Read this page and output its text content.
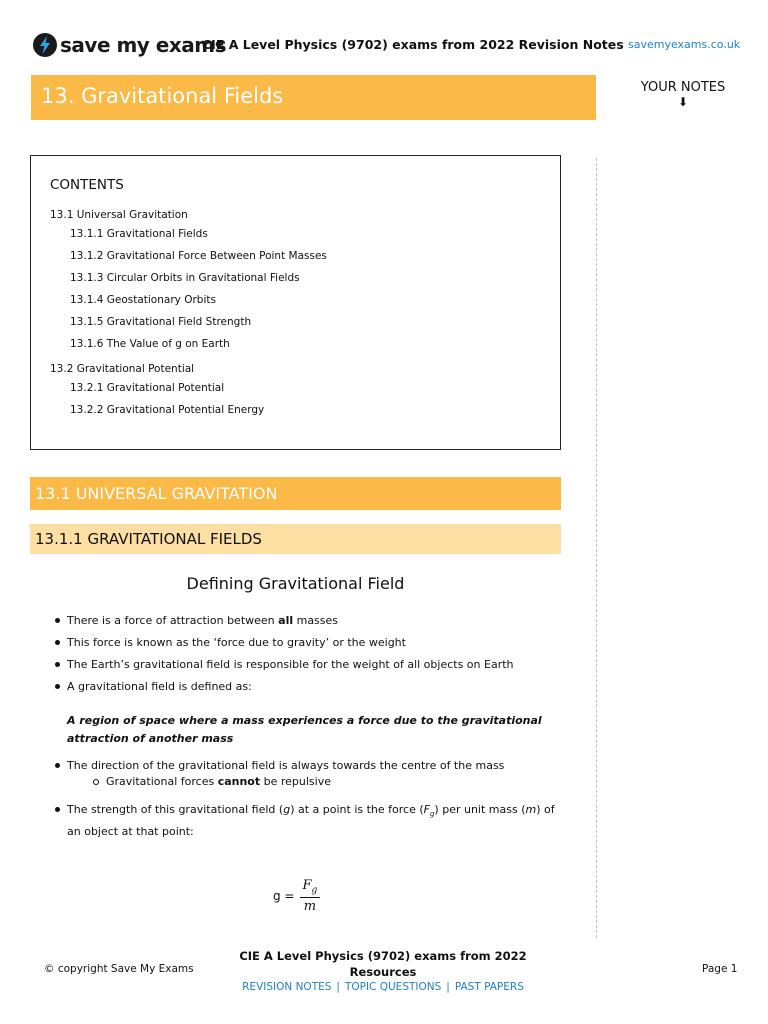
save my exams
CIE A Level Physics (9702) exams from 2022 Revision Notes savemyexams.co.uk
13. Gravitational Fields	YOUR NOTES
⬇
CONTENTS
13.1 Universal Gravitation
13.1.1 Gravitational Fields
13.1.2 Gravitational Force Between Point Masses
13.1.3 Circular Orbits in Gravitational Fields
13.1.4 Geostationary Orbits
13.1.5 Gravitational Field Strength
13.1.6 The Value of g on Earth
13.2 Gravitational Potential
13.2.1 Gravitational Potential
13.2.2 Gravitational Potential Energy
13.1 UNIVERSAL GRAVITATION
13.1.1 GRAVITATIONAL FIELDS
Defining Gravitational Field
There is a force of attraction between all masses
This force is known as the ‘force due to gravity’ or the weight
The Earth’s gravitational field is responsible for the weight of all objects on Earth
A gravitational field is defined as:
A region of space where a mass experiences a force due to the gravitational attraction of another mass
The direction of the gravitational field is always towards the centre of the mass
Gravitational forces cannot be repulsive
The strength of this gravitational field (g) at a point is the force $(F_g)$ per unit mass (m) of an object at that point:
$g = \frac{F_g}{m}$
© copyright Save My Exams
CIE A Level Physics (9702) exams from 2022 Resources
REVISION NOTES | TOPIC QUESTIONS | PAST PAPERS
Page 1
